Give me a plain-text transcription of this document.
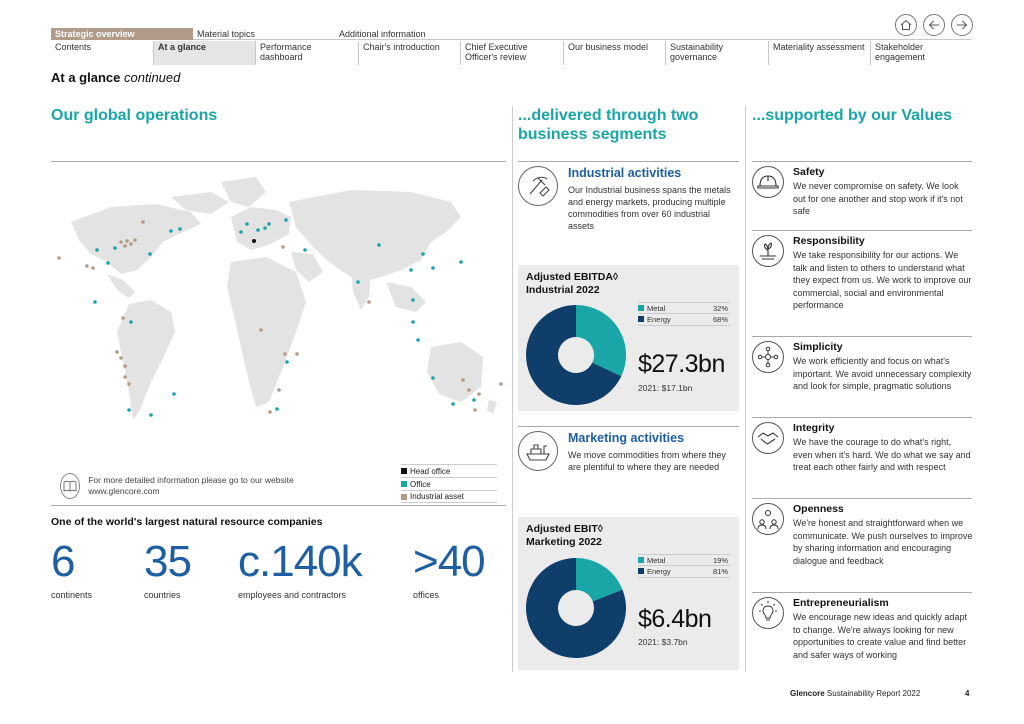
Strategic overview	Material topics	Additional information
Contents	At a glance	Performance dashboard
Chair's introduction	Chief Executive Officer's review
Our business model	Sustainability governance
Materiality assessment	Stakeholder engagement
At a glance continued
Our global operations
Head office
Office
Industrial asset
For more detailed information please go to our website www.glencore.com
One of the world's largest natural resource companies
6
continents
35
countries
c.140k
employees and contractors
>40
offices
...delivered through two business segments
Industrial activities
Our Industrial business spans the metals and energy markets, producing multiple commodities from over 60 industrial assets
Adjusted EBITDA◊ Industrial 2022
Metal	32%
Energy	68%
$27.3bn
2021: $17.1bn
Marketing activities
We move commodities from where they are plentiful to where they are needed
Adjusted EBIT◊ Marketing 2022
Metal	19%
Energy	81%
$6.4bn
2021: $3.7bn
...supported by our Values
Safety
We never compromise on safety. We look out for one another and stop work if it's not safe
Responsibility
We take responsibility for our actions. We talk and listen to others to understand what they expect from us. We work to improve our commercial, social and environmental performance
Simplicity
We work efficiently and focus on what's important. We avoid unnecessary complexity and look for simple, pragmatic solutions
Integrity
We have the courage to do what's right, even when it's hard. We do what we say and treat each other fairly and with respect
Openness
We're honest and straightforward when we communicate. We push ourselves to improve by sharing information and encouraging dialogue and feedback
Entrepreneurialism
We encourage new ideas and quickly adapt to change. We're always looking for new opportunities to create value and find better and safer ways of working
Glencore Sustainability Report 2022	4
